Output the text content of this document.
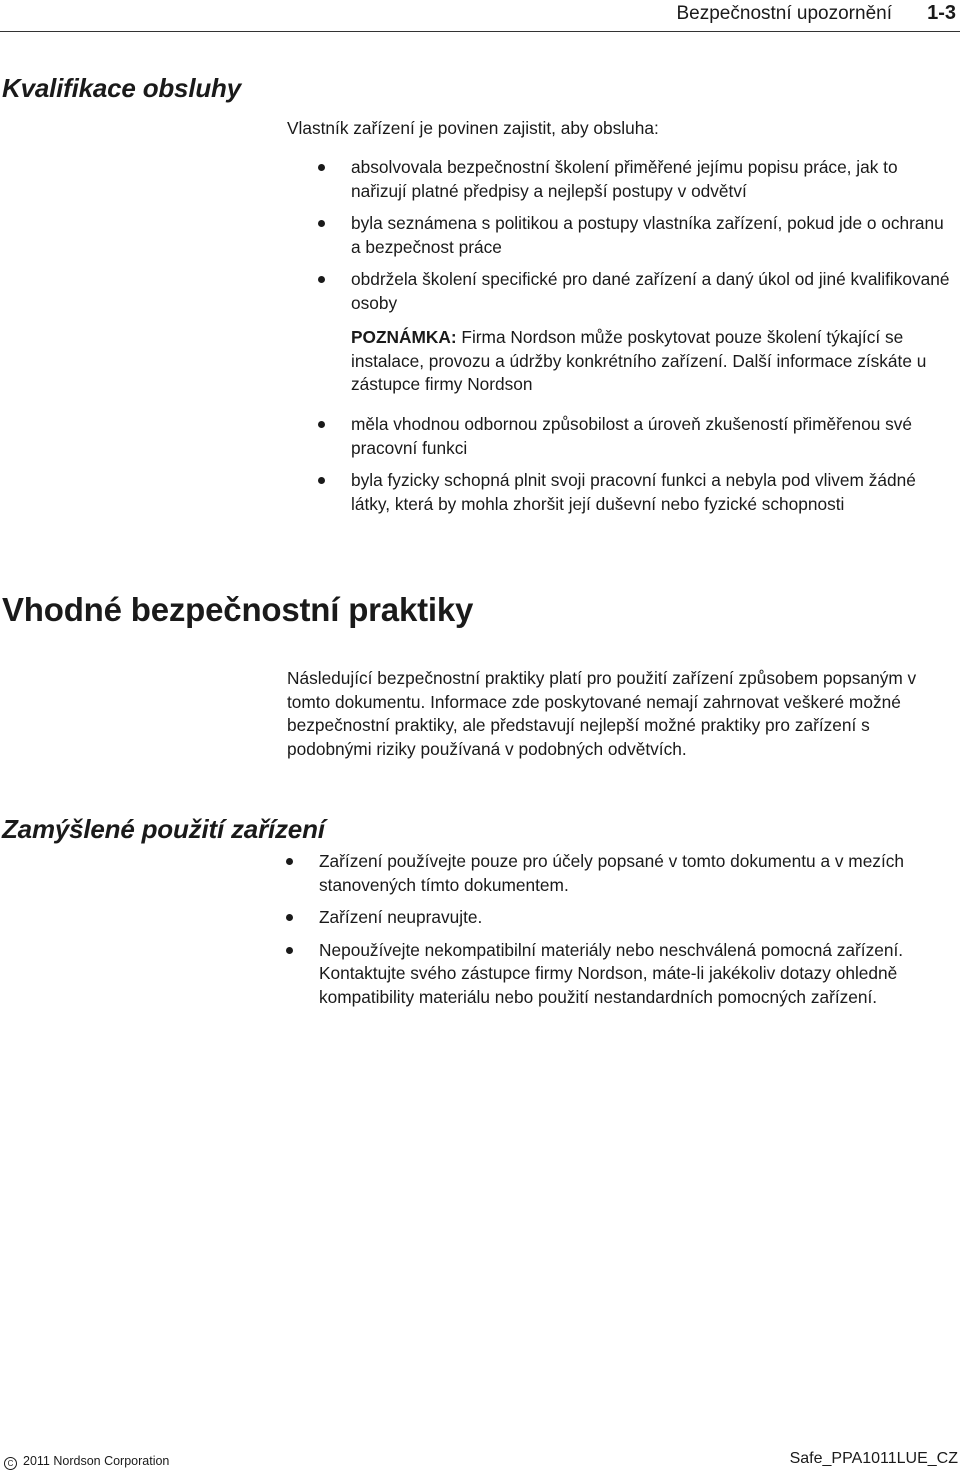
Bezpečnostní upozornění 1-3
Kvalifikace obsluhy

Vlastník zařízení je povinen zajistit, aby obsluha:

absolvovala bezpečnostní školení přiměřené jejímu popisu práce, jak to nařizují platné předpisy a nejlepší postupy v odvětví
byla seznámena s politikou a postupy vlastníka zařízení, pokud jde o ochranu a bezpečnost práce
obdržela školení specifické pro dané zařízení a daný úkol od jiné kvalifikované osoby

POZNÁMKA: Firma Nordson může poskytovat pouze školení týkající se instalace, provozu a údržby konkrétního zařízení. Další informace získáte u zástupce firmy Nordson

měla vhodnou odbornou způsobilost a úroveň zkušeností přiměřenou své pracovní funkci
byla fyzicky schopná plnit svoji pracovní funkci a nebyla pod vlivem žádné látky, která by mohla zhoršit její duševní nebo fyzické schopnosti
Vhodné bezpečnostní praktiky

Následující bezpečnostní praktiky platí pro použití zařízení způsobem popsaným v tomto dokumentu. Informace zde poskytované nemají zahrnovat veškeré možné bezpečnostní praktiky, ale představují nejlepší možné praktiky pro zařízení s podobnými riziky používaná v podobných odvětvích.

Zamýšlené použití zařízení
Zařízení používejte pouze pro účely popsané v tomto dokumentu a v mezích stanovených tímto dokumentem.
Zařízení neupravujte.
Nepoužívejte nekompatibilní materiály nebo neschválená pomocná zařízení. Kontaktujte svého zástupce firmy Nordson, máte-li jakékoliv dotazy ohledně kompatibility materiálu nebo použití nestandardních pomocných zařízení.
C 2011 Nordson Corporation	Safe_PPA1011LUE_CZ
